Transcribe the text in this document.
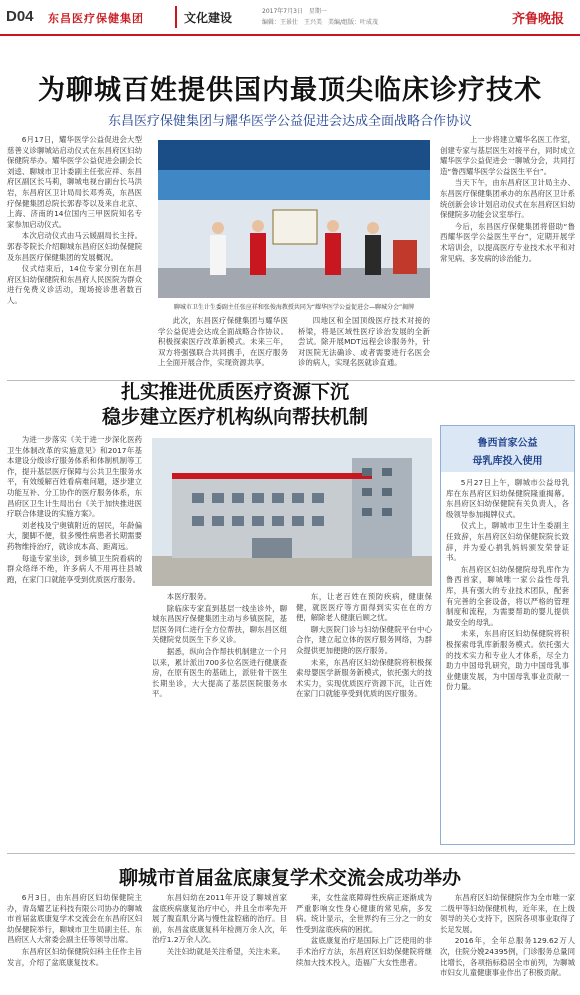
D04 东昌医疗保健集团	文化建设	2017年7月3日　星期一
编辑：王景仕　王兴美　美编/组版：叶成茂	齐鲁晚报
为聊城百姓提供国内最顶尖临床诊疗技术
东昌医疗保健集团与耀华医学公益促进会达成全面战略合作协议

6月17日，耀华医学公益促进会大型慈善义诊聊城站启动仪式在东昌府区妇幼保健院举办。耀华医学公益促进会副会长刘逵、聊城市卫计委副主任张应祥、东昌府区副区长马莉，聊城电视台副台长马洪岩，东昌府区卫计局局长邓秀英，东昌医疗保健集团总院长郭春苓以及来自北京、上海、济南的14位国内三甲医院知名专家参加启动仪式。

本次启动仪式由马云媛副局长主持。郭春苓院长介绍聊城东昌府区妇幼保健院及东昌医疗保健集团的发展概况。

仪式结束后，14位专家分别在东昌府区妇幼保健院和东昌府人民医院为群众进行免费义诊活动，现场接诊患者数百人。

聊城市卫生计生委副主任张应祥和张俊海教授共同为“耀华医学公益促进会—聊城分会”揭牌

此次，东昌医疗保健集团与耀华医学公益促进会达成全面战略合作协议。积极探索医疗改革新模式。未来三年，双方将强强联合共同携手，在医疗服务上全面开展合作，实现资源共享。

四地区和全国顶级医疗技术对接的桥梁，将是区域性医疗诊治发展的全新尝试。除开展MDT远程会诊服务外，针对医院无法确诊、或者需要进行名医会诊的病人，实现名医就诊直通。

　　上一步将建立耀华名医工作室，创建专家与基层医生对接平台，同时成立耀华医学公益促进会一聊城分会，共同打造“鲁西耀华医学公益医生平台”。

当天下午，由东昌府区卫计局主办、东昌医疗保健集团承办的东昌府区卫计系统创新会诊计划启动仪式在东昌府区妇幼保健院多功能会议室举行。

今后，东昌医疗保健集团将借助“鲁西耀华医学公益医生平台”，定期开展学术培训会，以提高医疗专业技术水平和对常见病、多发病的诊治能力。

扎实推进优质医疗资源下沉
稳步建立医疗机构纵向帮扶机制

为进一步落实《关于进一步深化医药卫生体制改革的实施意见》和2017年基本建设分级诊疗服务体系和体制机制等工作，提升基层医疗保障与公共卫生服务水平，有效缓解百姓看病难问题，逐步建立功能互补、分工协作的医疗服务体系，东昌府区卫生计生局出台《关于加快推进医疗联合体建设的实施方案》。

刘老栈及宁奥镇附近的居民，年龄偏大，腿脚不便，很多慢性病患者长期需要药物维持治疗，就诊成本高、距离远。

每逢专家坐诊，到乡镇卫生院看病的群众络绎不绝，许多病人不用再往县城跑，在家门口就能享受到优质医疗服务。

本医疗服务。

除临床专家直到基层一线坐诊外，聊城东昌医疗保健集团主动与乡镇医院，基层医务同仁进行全方位帮扶，聊东昌区组关健院党员医生下乡义诊。

据悉，纵向合作帮扶机制建立一个月以来，累计派出700多位名医进行健康查房，在原有医生的基础上，派驻骨干医生长期坐诊，大大提高了基层医院服务水平。

东，让老百姓在预防疾病，健康保健，就医医疗等方面得到实实在在的方便，解除老人健康后顾之忧。

聊大医院门诊与妇幼保健院平台中心合作，建立起立体的医疗服务网络，为群众提供更加便捷的医疗服务。

未来，东昌府区妇幼保健院将积极探索母婴医学新服务新模式，依托强大的技术实力，实现优质医疗资源下沉，让百姓在家门口就能享受到优质的医疗服务。

鲁西首家公益
母乳库投入使用

5月27日上午，聊城市公益母乳库在东昌府区妇幼保健院隆重揭幕。东昌府区妇幼保健院有关负责人，各级领导参加揭牌仪式。

仪式上，聊城市卫生计生委副主任致辞，东昌府区妇幼保健院院长致辞，并为爱心捐乳妈妈颁发荣誉证书。

东昌府区妇幼保健院母乳库作为鲁西首家，聊城唯一家公益性母乳库，具有强大的专业技术团队，配套有完善的全套设备，将以严格的管理制度和流程，为需要帮助的婴儿提供最安全的母乳。

未来，东昌府区妇幼保健院将积极探索母乳库新服务模式。依托强大的技术实力和专业人才体系，尽全力助力中国母乳研究，助力中国母乳事业健康发展，为中国母乳事业贡献一份力量。

聊城市首届盆底康复学术交流会成功举办

6月3日，由东昌府区妇幼保健院主办，青岛耀艺证科技有限公司协办的聊城市首届盆底康复学术交流会在东昌府区妇幼保健院举行，聊城市卫生局副主任、东昌府区人大常委会副主任等领导出席。

东昌府区妇幼保健院妇科主任作主旨发言，介绍了盆底康复技术。

东昌妇幼在2011年开设了聊城首家盆底疾病康复治疗中心，并且全市率先开展了腹直肌分离与慢性盆腔痛的治疗。目前，东昌盆底康复科年检测万余人次，年治疗1.2万余人次。

关注妇幼就是关注希望，关注未来。

来，女性盆底障碍性疾病正逐渐成为严重影响女性身心健康的常见病，多发病。统计显示，全世界约有三分之一的女性受到盆底疾病的困扰。

盆底康复治疗是国际上广泛使用的非手术治疗方法，东昌府区妇幼保健院将继续加大技术投入，造福广大女性患者。

东昌府区妇幼保健院作为全市唯一家二级甲等妇幼保健机构，近年来，在上级领导的关心支持下，医院各项事业取得了长足发展。

2016年，全年总服务129.62万人次，住院分娩24395例，门诊服务总量同比增长，各项指标稳居全市前列，为聊城市妇女儿童健康事业作出了积极贡献。
